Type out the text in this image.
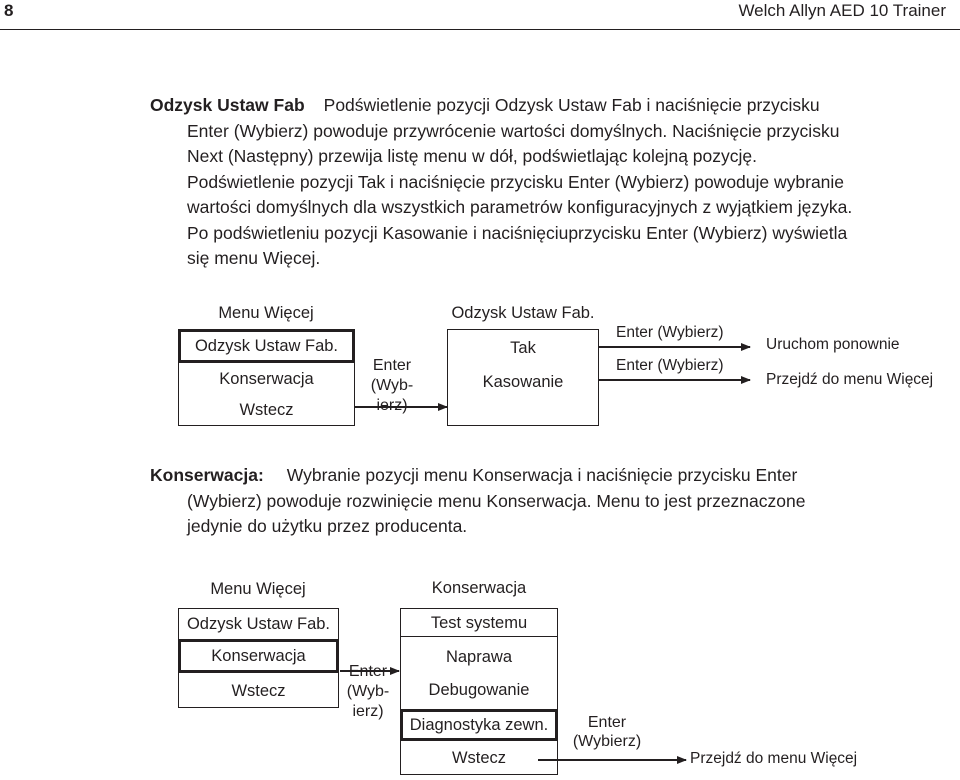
8	Welch Allyn AED 10 Trainer

Odzysk Ustaw Fab Podświetlenie pozycji Odzysk Ustaw Fab i naciśnięcie przycisku

Enter (Wybierz) powoduje przywrócenie wartości domyślnych. Naciśnięcie przycisku

Next (Następny) przewija listę menu w dół, podświetlając kolejną pozycję.

Podświetlenie pozycji Tak i naciśnięcie przycisku Enter (Wybierz) powoduje wybranie

wartości domyślnych dla wszystkich parametrów konfiguracyjnych z wyjątkiem języka.

Po podświetleniu pozycji Kasowanie i naciśnięciuprzycisku Enter (Wybierz) wyświetla

się menu Więcej.

Menu Więcej
Odzysk Ustaw Fab.
Konserwacja
Wstecz
Enter
(Wyb-
ierz)
Odzysk Ustaw Fab.
Tak
Kasowanie
Enter (Wybierz)
Enter (Wybierz)
Uruchom ponownie
Przejdź do menu Więcej

Konserwacja: Wybranie pozycji menu Konserwacja i naciśnięcie przycisku Enter

(Wybierz) powoduje rozwinięcie menu Konserwacja. Menu to jest przeznaczone

jedynie do użytku przez producenta.

Menu Więcej
Odzysk Ustaw Fab.
Konserwacja
Wstecz
Enter
(Wyb-
ierz)
Konserwacja
Test systemu
Naprawa
Debugowanie
Diagnostyka zewn.
Wstecz
Enter
(Wybierz)
Przejdź do menu Więcej
